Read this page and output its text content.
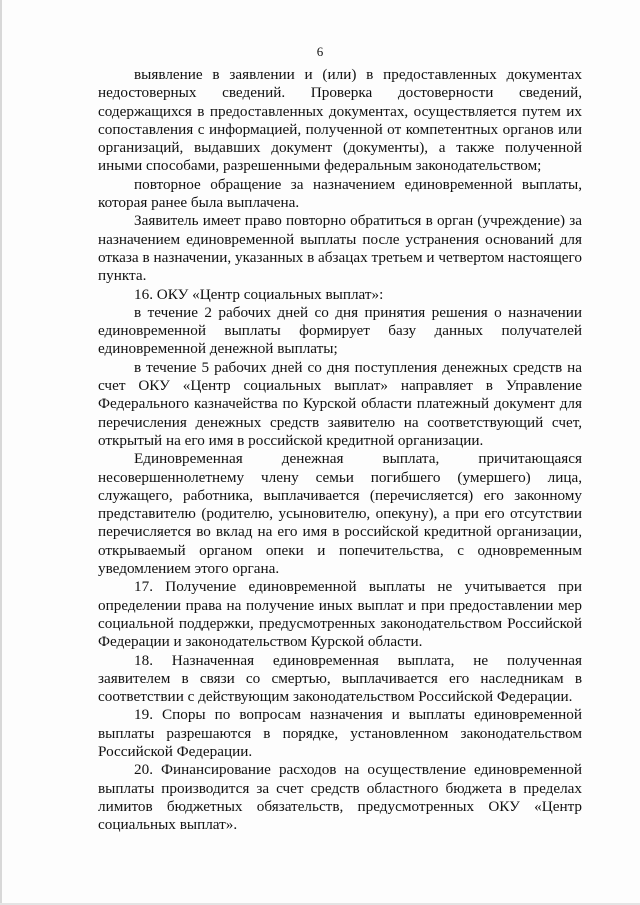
6

выявление в заявлении и (или) в предоставленных документах недостоверных сведений. Проверка достоверности сведений, содержащихся в предоставленных документах, осуществляется путем их сопоставления с информацией, полученной от компетентных органов или организаций, выдавших документ (документы), а также полученной иными способами, разрешенными федеральным законодательством;

повторное обращение за назначением единовременной выплаты, которая ранее была выплачена.

Заявитель имеет право повторно обратиться в орган (учреждение) за назначением единовременной выплаты после устранения оснований для отказа в назначении, указанных в абзацах третьем и четвертом настоящего пункта.

16. ОКУ «Центр социальных выплат»:

в течение 2 рабочих дней со дня принятия решения о назначении единовременной выплаты формирует базу данных получателей единовременной денежной выплаты;

в течение 5 рабочих дней со дня поступления денежных средств на счет ОКУ «Центр социальных выплат» направляет в Управление Федерального казначейства по Курской области платежный документ для перечисления денежных средств заявителю на соответствующий счет, открытый на его имя в российской кредитной организации.

Единовременная денежная выплата, причитающаяся несовершеннолетнему члену семьи погибшего (умершего) лица, служащего, работника, выплачивается (перечисляется) его законному представителю (родителю, усыновителю, опекуну), а при его отсутствии перечисляется во вклад на его имя в российской кредитной организации, открываемый органом опеки и попечительства, с одновременным уведомлением этого органа.

17. Получение единовременной выплаты не учитывается при определении права на получение иных выплат и при предоставлении мер социальной поддержки, предусмотренных законодательством Российской Федерации и законодательством Курской области.

18. Назначенная единовременная выплата, не полученная заявителем в связи со смертью, выплачивается его наследникам в соответствии с действующим законодательством Российской Федерации.

19. Споры по вопросам назначения и выплаты единовременной выплаты разрешаются в порядке, установленном законодательством Российской Федерации.

20. Финансирование расходов на осуществление единовременной выплаты производится за счет средств областного бюджета в пределах лимитов бюджетных обязательств, предусмотренных ОКУ «Центр социальных выплат».
